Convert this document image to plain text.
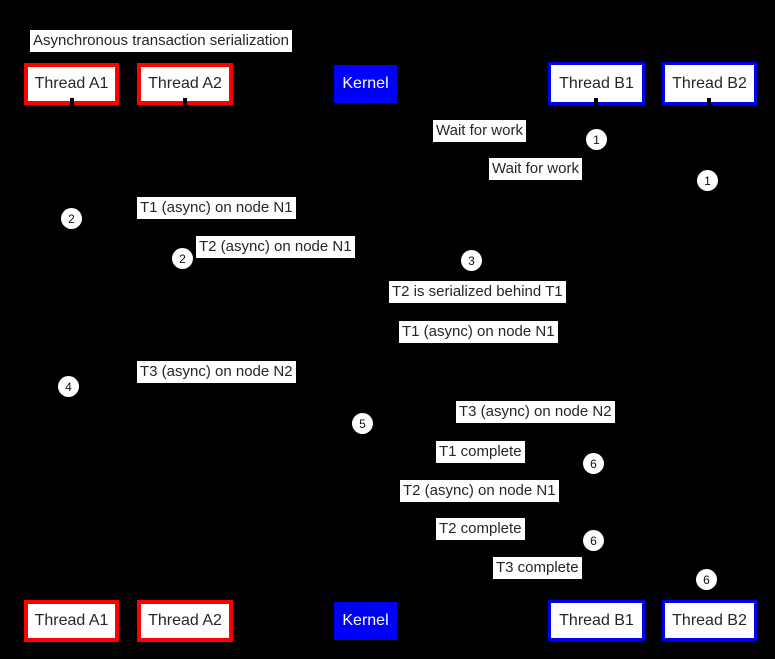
Asynchronous transaction serialization
Thread A1 Thread A2	Kernel	Thread B1 Thread B2
Wait for work
Wait for work
T1 (async) on node N1
T2 (async) on node N1
T2 is serialized behind T1
T1 (async) on node N1
T3 (async) on node N2
T3 (async) on node N2
T1 complete
T2 (async) on node N1
T2 complete
T3 complete
1
1
2
2	3
4
5
6
6
6
Thread A1 Thread A2	Kernel	Thread B1 Thread B2
